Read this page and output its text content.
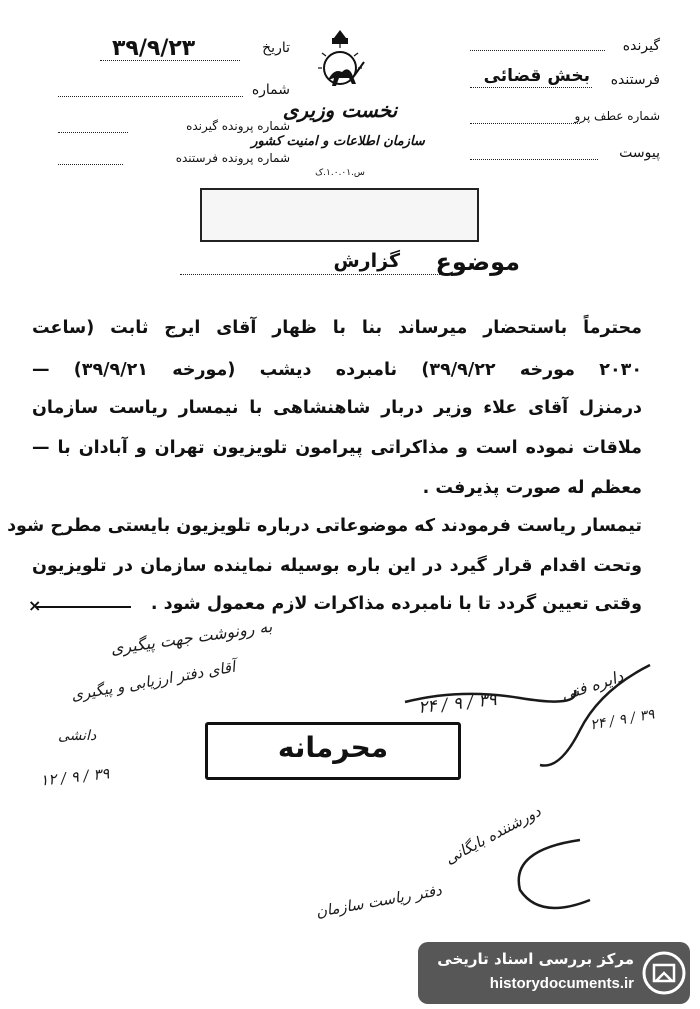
گیرنده
فرستنده
بخش قضائی
شماره عطف پرو
پیوست
نخست وزیری
سازمان اطلاعات و امنیت کشور
س.۱.۰.۰۱.ک
تاریخ
۳۹/۹/۲۳
شماره
شماره پرونده گیرنده
شماره پرونده فرستنده
موضوع
گزارش
محترماً باستحضار میرساند بنا با ظهار آقای ایرج ثابت (ساعت
۲۰۳۰ مورخه ۳۹/۹/۲۲) نامبرده دیشب (مورخه ۳۹/۹/۲۱) —
درمنزل آقای علاء وزیر دربار شاهنشاهی با نیمسار ریاست سازمان
ملاقات نموده است و مذاکراتی پیرامون تلویزیون تهران و آبادان با —
معظم له صورت پذیرفت .
تیمسار ریاست فرمودند که موضوعاتی درباره تلویزیون بایستی مطرح شود
وتحت اقدام قرار گیرد در این باره بوسیله نماینده سازمان در تلویزیون
وقتی تعیین گردد تا با نامبرده مذاکرات لازم معمول شود .
×
به رونوشت جهت پیگیری
آقای دفتر ارزیابی و پیگیری
دانشی
۱۲ / ۹ / ۳۹
۲۴ / ۹ / ۳۹	دایره فنی
۲۴ / ۹ / ۳۹
محرمانه
دورشننده بایگانی
دفتر ریاست سازمان
مرکز بررسی اسناد تاریخی
historydocuments.ir
